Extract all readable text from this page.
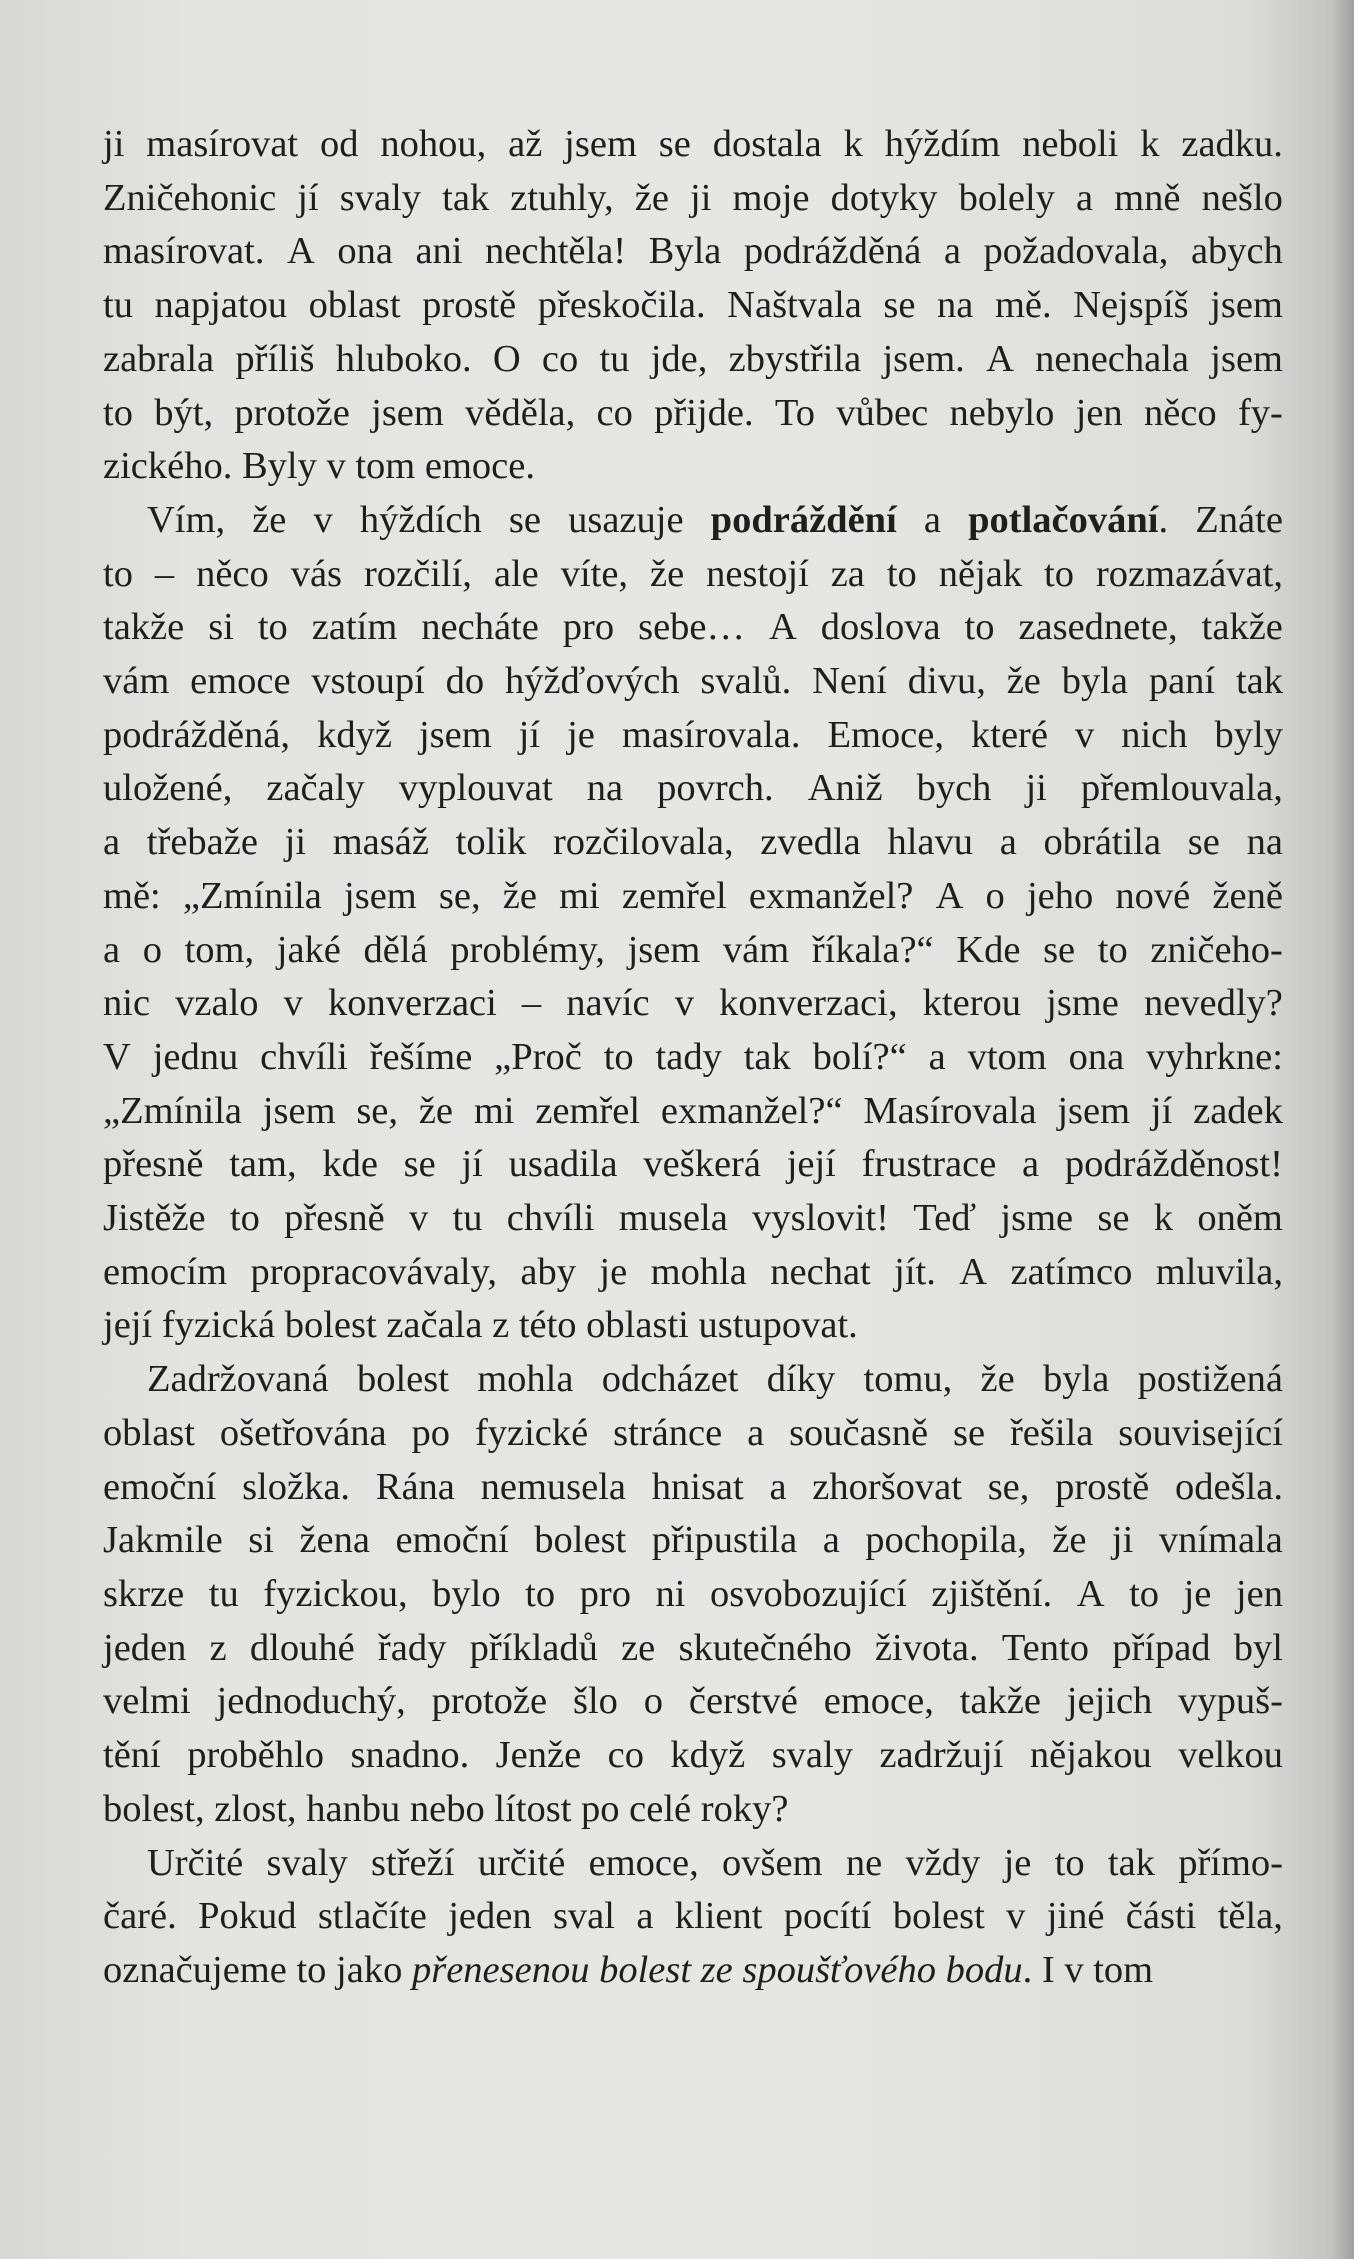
ji masírovat od nohou, až jsem se dostala k hýždím neboli k zadku.
Zničehonic jí svaly tak ztuhly, že ji moje dotyky bolely a mně nešlo
masírovat. A ona ani nechtěla! Byla podrážděná a požadovala, abych
tu napjatou oblast prostě přeskočila. Naštvala se na mě. Nejspíš jsem
zabrala příliš hluboko. O co tu jde, zbystřila jsem. A nenechala jsem
to být, protože jsem věděla, co přijde. To vůbec nebylo jen něco fy-
zického.
Byly
v
tom
emoce.
Vím, že v hýždích se usazuje podráždění a potlačování. Znáte
to – něco vás rozčilí, ale víte, že nestojí za to nějak to rozmazávat,
takže si to zatím necháte pro sebe… A doslova to zasednete, takže
vám emoce vstoupí do hýžďových svalů. Není divu, že byla paní tak
podrážděná, když jsem jí je masírovala. Emoce, které v nich byly
uložené, začaly vyplouvat na povrch. Aniž bych ji přemlouvala,
a třebaže ji masáž tolik rozčilovala, zvedla hlavu a obrátila se na
mě: „Zmínila jsem se, že mi zemřel exmanžel? A o jeho nové ženě
a o tom, jaké dělá problémy, jsem vám říkala?“ Kde se to zničeho-
nic vzalo v konverzaci – navíc v konverzaci, kterou jsme nevedly?
V jednu chvíli řešíme „Proč to tady tak bolí?“ a vtom ona vyhrkne:
„Zmínila jsem se, že mi zemřel exmanžel?“ Masírovala jsem jí zadek
přesně tam, kde se jí usadila veškerá její frustrace a podrážděnost!
Jistěže to přesně v tu chvíli musela vyslovit! Teď jsme se k oněm
emocím propracovávaly, aby je mohla nechat jít. A zatímco mluvila,
její
fyzická
bolest
začala
z
této
oblasti
ustupovat.
Zadržovaná bolest mohla odcházet díky tomu, že byla postižená
oblast ošetřována po fyzické stránce a současně se řešila související
emoční složka. Rána nemusela hnisat a zhoršovat se, prostě odešla.
Jakmile si žena emoční bolest připustila a pochopila, že ji vnímala
skrze tu fyzickou, bylo to pro ni osvobozující zjištění. A to je jen
jeden z dlouhé řady příkladů ze skutečného života. Tento případ byl
velmi jednoduchý, protože šlo o čerstvé emoce, takže jejich vypuš-
tění proběhlo snadno. Jenže co když svaly zadržují nějakou velkou
bolest,
zlost,
hanbu
nebo
lítost
po
celé
roky?
Určité svaly střeží určité emoce, ovšem ne vždy je to tak přímo-
čaré. Pokud stlačíte jeden sval a klient pocítí bolest v jiné části těla,
označujeme
to
jako
přenesenou
bolest
ze
spoušťového
bodu.
I
v
tom
